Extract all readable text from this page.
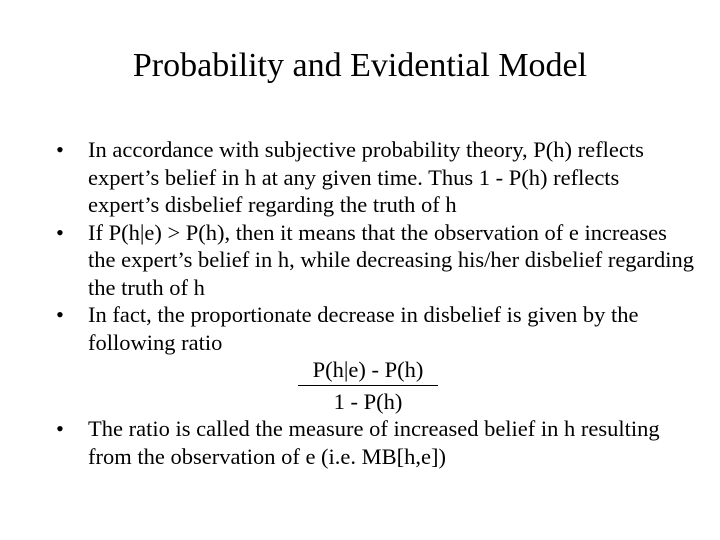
Probability and Evidential Model
•	In accordance with subjective probability theory, P(h) reflects expert’s belief in h at any given time. Thus 1 - P(h) reflects expert’s disbelief regarding the truth of h
•	If P(h|e) > P(h), then it means that the observation of e increases the expert’s belief in h, while decreasing his/her disbelief regarding the truth of h
•	In fact, the proportionate decrease in disbelief is given by the following ratio
P(h|e) - P(h)
1 - P(h)
•	The ratio is called the measure of increased belief in h resulting from the observation of e (i.e. MB[h,e])
